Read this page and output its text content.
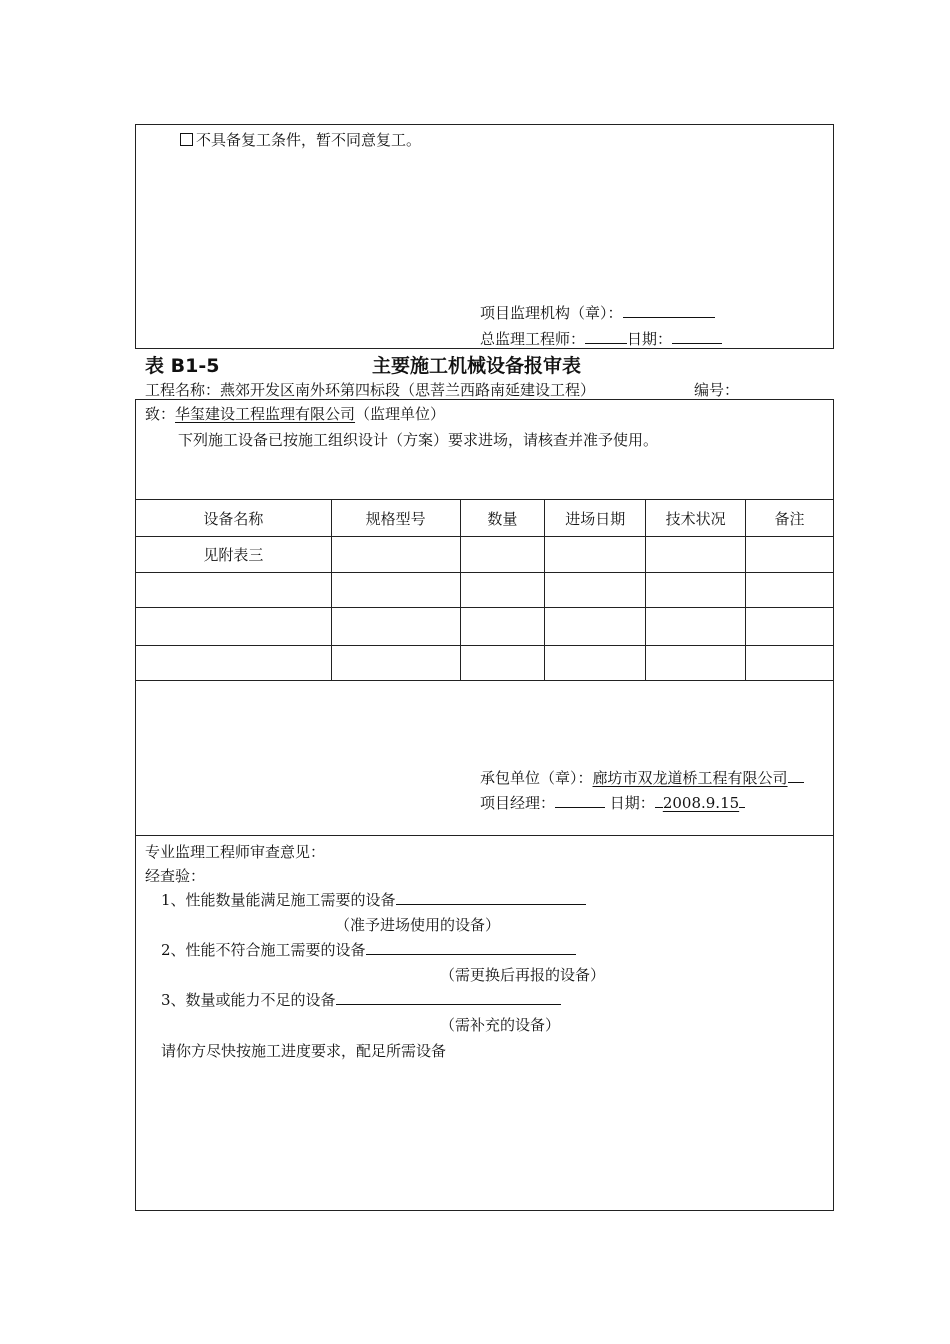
不具备复工条件，暂不同意复工。
项目监理机构（章）：
总监理工程师：	日期：
表 B1-5	主要施工机械设备报审表
工程名称：燕郊开发区南外环第四标段（思菩兰西路南延建设工程）	编号：
致：华玺建设工程监理有限公司（监理单位）
下列施工设备已按施工组织设计（方案）要求进场，请核查并准予使用。
设备名称	规格型号	数量	进场日期	技术状况	备注
见附表三					

承包单位（章）：廊坊市双龙道桥工程有限公司
项目经理：	日期： 2008.9.15
专业监理工程师审查意见：
经查验：
1、性能数量能满足施工需要的设备
（准予进场使用的设备）
2、性能不符合施工需要的设备
（需更换后再报的设备）
3、数量或能力不足的设备
（需补充的设备）
请你方尽快按施工进度要求，配足所需设备
